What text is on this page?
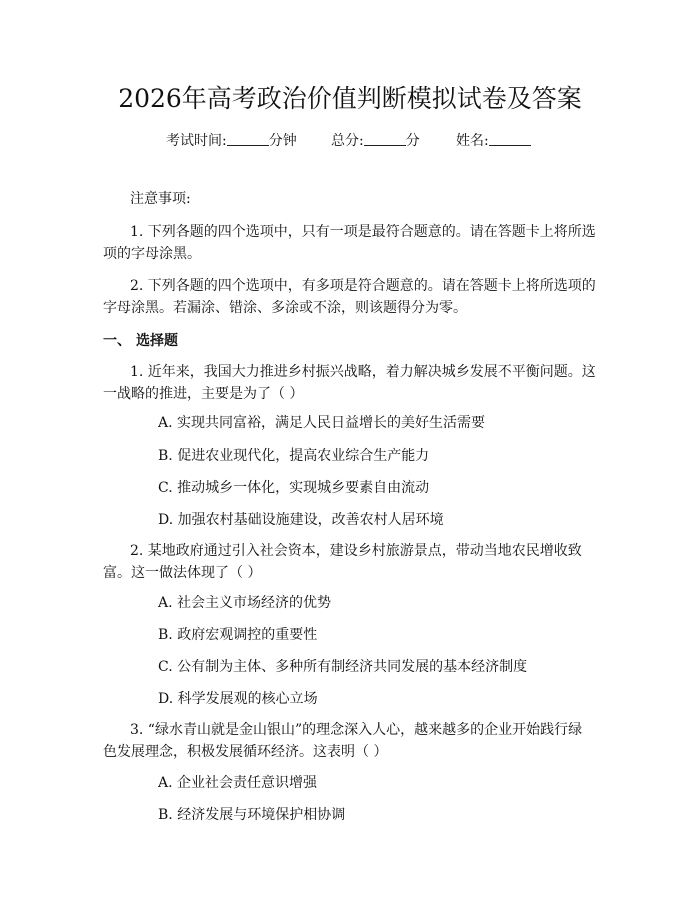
2026年高考政治价值判断模拟试卷及答案
考试时间:	分钟 总分:	分	姓名:
注意事项:
1. 下列各题的四个选项中，只有一项是最符合题意的。请在答题卡上将所选
项的字母涂黑。
2. 下列各题的四个选项中，有多项是符合题意的。请在答题卡上将所选项的
字母涂黑。若漏涂、错涂、多涂或不涂，则该题得分为零。
一、 选择题
1. 近年来，我国大力推进乡村振兴战略，着力解决城乡发展不平衡问题。这
一战略的推进，主要是为了（ ）
A. 实现共同富裕，满足人民日益增长的美好生活需要
B. 促进农业现代化，提高农业综合生产能力
C. 推动城乡一体化，实现城乡要素自由流动
D. 加强农村基础设施建设，改善农村人居环境
2. 某地政府通过引入社会资本，建设乡村旅游景点，带动当地农民增收致
富。这一做法体现了（ ）
A. 社会主义市场经济的优势
B. 政府宏观调控的重要性
C. 公有制为主体、多种所有制经济共同发展的基本经济制度
D. 科学发展观的核心立场
3. “绿水青山就是金山银山”的理念深入人心，越来越多的企业开始践行绿
色发展理念，积极发展循环经济。这表明（ ）
A. 企业社会责任意识增强
B. 经济发展与环境保护相协调
